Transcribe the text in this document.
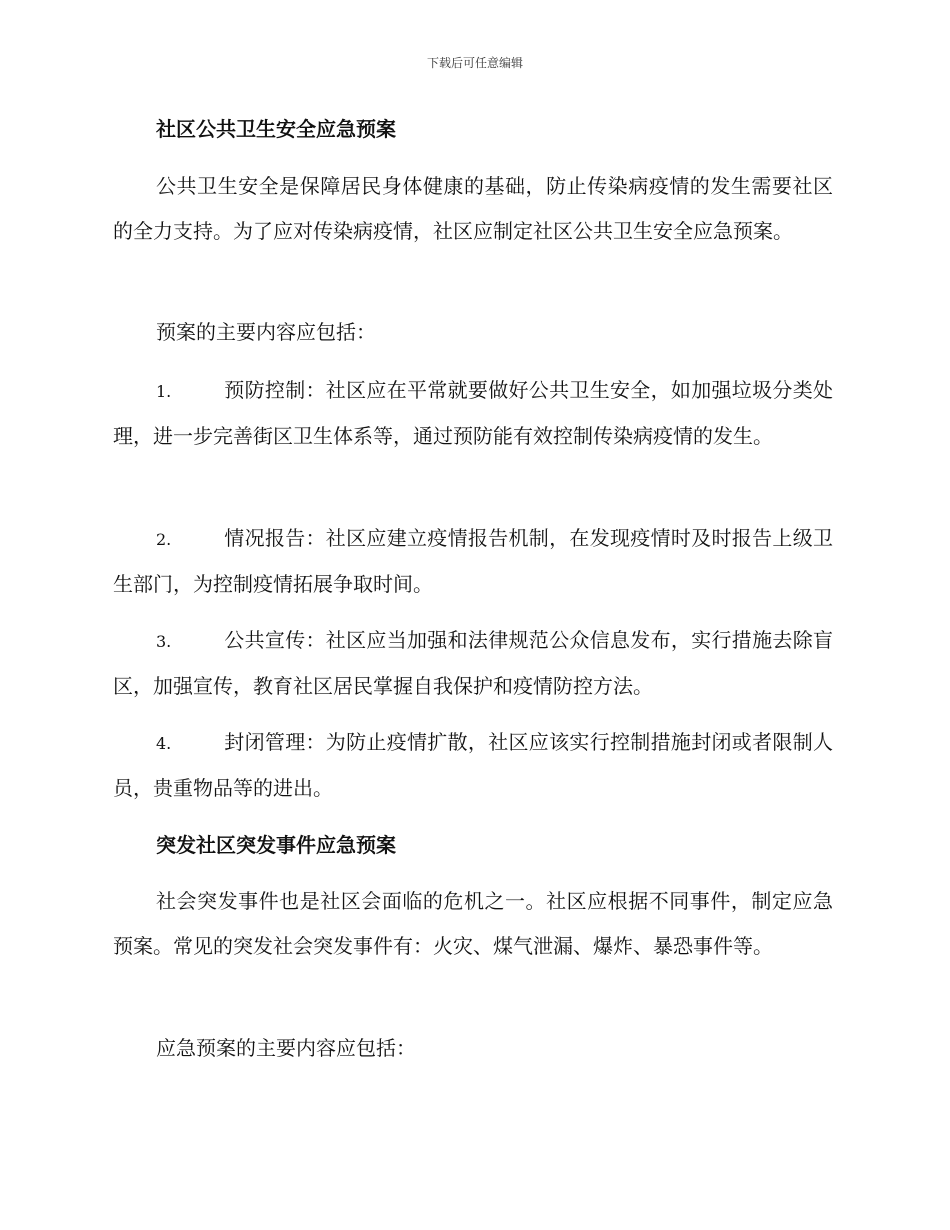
下载后可任意编辑
社区公共卫生安全应急预案
公共卫生安全是保障居民身体健康的基础，防止传染病疫情的发生需要社区的全力支持。为了应对传染病疫情，社区应制定社区公共卫生安全应急预案。
预案的主要内容应包括：
1.	预防控制：社区应在平常就要做好公共卫生安全，如加强垃圾分类处理，进一步完善街区卫生体系等，通过预防能有效控制传染病疫情的发生。
2.	情况报告：社区应建立疫情报告机制，在发现疫情时及时报告上级卫生部门，为控制疫情拓展争取时间。
3.	公共宣传：社区应当加强和法律规范公众信息发布，实行措施去除盲区，加强宣传，教育社区居民掌握自我保护和疫情防控方法。
4.	封闭管理：为防止疫情扩散，社区应该实行控制措施封闭或者限制人员，贵重物品等的进出。
突发社区突发事件应急预案
社会突发事件也是社区会面临的危机之一。社区应根据不同事件，制定应急预案。常见的突发社会突发事件有：火灾、煤气泄漏、爆炸、暴恐事件等。
应急预案的主要内容应包括：
